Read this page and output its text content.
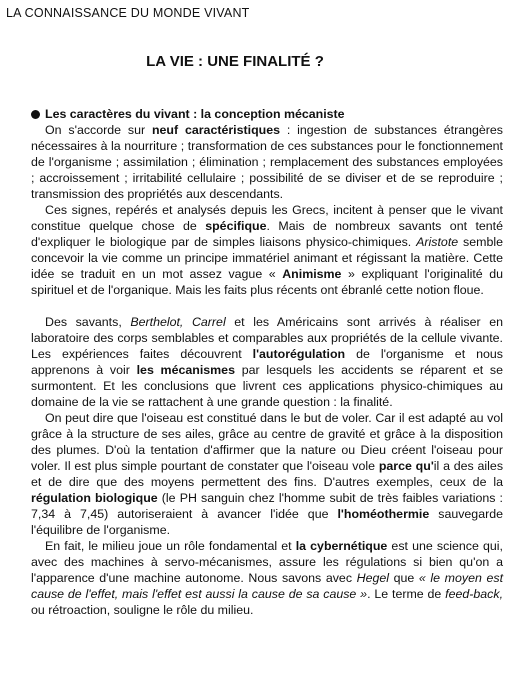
LA CONNAISSANCE DU MONDE VIVANT
LA VIE : UNE FINALITÉ ?
Les caractères du vivant : la conception mécaniste

On s'accorde sur neuf caractéristiques : ingestion de substances étrangères nécessaires à la nourriture ; transformation de ces substances pour le fonctionnement de l'organisme ; assimilation ; élimination ; remplacement des substances employées ; accroissement ; irritabilité cellulaire ; possibilité de se diviser et de se reproduire ; transmission des propriétés aux descendants.

Ces signes, repérés et analysés depuis les Grecs, incitent à penser que le vivant constitue quelque chose de spécifique. Mais de nombreux savants ont tenté d'expliquer le biologique par de simples liaisons physico-chimiques. Aristote semble concevoir la vie comme un principe immatériel animant et régissant la matière. Cette idée se traduit en un mot assez vague « Animisme » expliquant l'originalité du spirituel et de l'organique. Mais les faits plus récents ont ébranlé cette notion floue.

Des savants, Berthelot, Carrel et les Américains sont arrivés à réaliser en laboratoire des corps semblables et comparables aux propriétés de la cellule vivante. Les expériences faites découvrent l'autorégulation de l'organisme et nous apprenons à voir les mécanismes par lesquels les accidents se réparent et se surmontent. Et les conclusions que livrent ces applications physico-chimiques au domaine de la vie se rattachent à une grande question : la finalité.

On peut dire que l'oiseau est constitué dans le but de voler. Car il est adapté au vol grâce à la structure de ses ailes, grâce au centre de gravité et grâce à la disposition des plumes. D'où la tentation d'affirmer que la nature ou Dieu créent l'oiseau pour voler. Il est plus simple pourtant de constater que l'oiseau vole parce qu'il a des ailes et de dire que des moyens permettent des fins. D'autres exemples, ceux de la régulation biologique (le PH sanguin chez l'homme subit de très faibles variations : 7,34 à 7,45) autoriseraient à avancer l'idée que l'homéothermie sauvegarde l'équilibre de l'organisme.

En fait, le milieu joue un rôle fondamental et la cybernétique est une science qui, avec des machines à servo-mécanismes, assure les régulations si bien qu'on a l'apparence d'une machine autonome. Nous savons avec Hegel que « le moyen est cause de l'effet, mais l'effet est aussi la cause de sa cause ». Le terme de feed-back, ou rétroaction, souligne le rôle du milieu.
